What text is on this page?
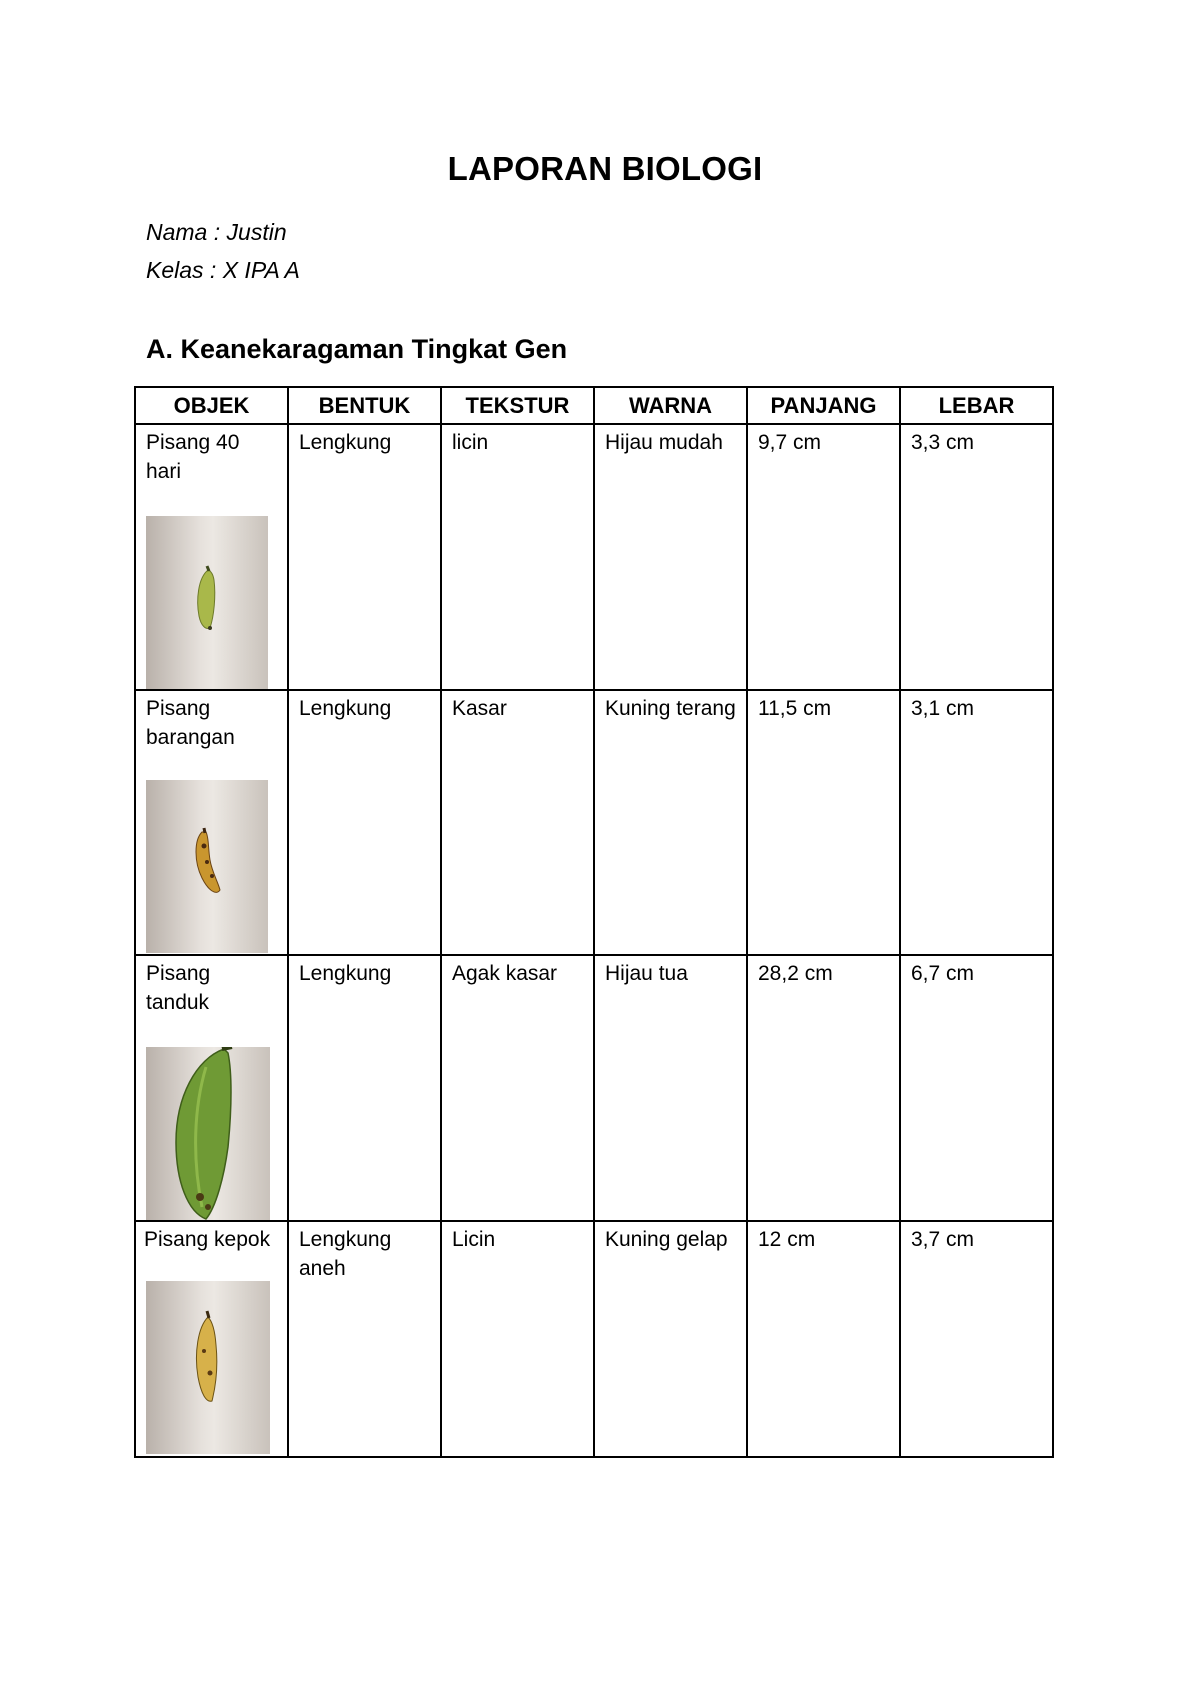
LAPORAN BIOLOGI
Nama : Justin
Kelas : X IPA A
A. Keanekaragaman Tingkat Gen
OBJEK	BENTUK	TEKSTUR	WARNA	PANJANG	LEBAR

Pisang 40 hari	Lengkung	licin	Hijau mudah	9,7 cm	3,3 cm

Pisang barangan	Lengkung	Kasar	Kuning terang	11,5 cm	3,1 cm

Pisang tanduk	Lengkung	Agak kasar	Hijau tua	28,2 cm	6,7 cm

Pisang kepok	Lengkung aneh	Licin	Kuning gelap	12 cm	3,7 cm
